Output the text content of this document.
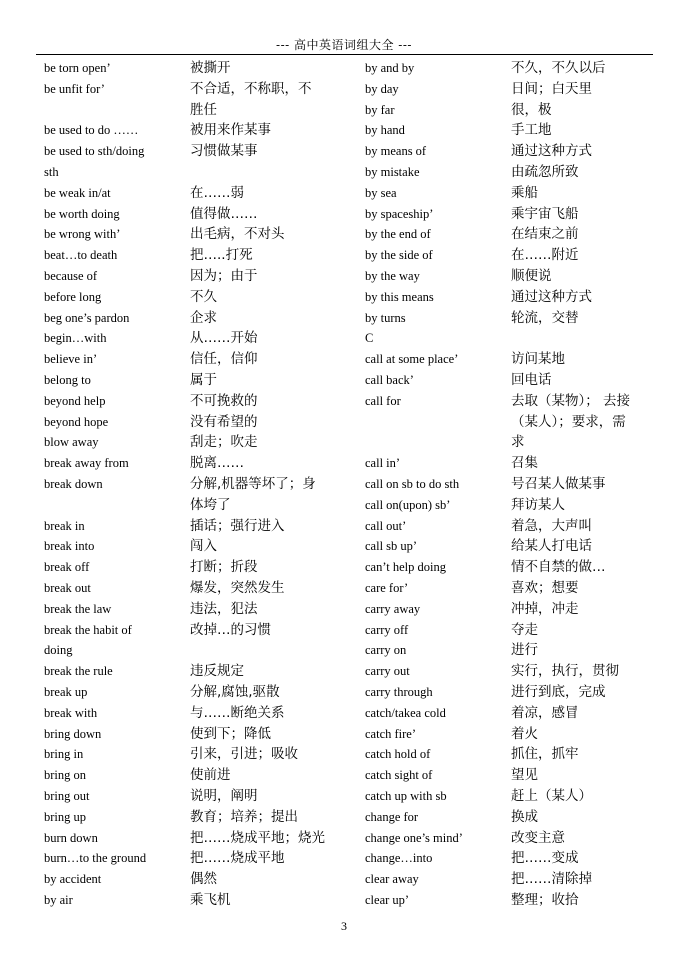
--- 高中英语词组大全 ---
be torn open’
be unfit for’
be used to do ……
be used to sth/doing
sth
be weak in/at
be worth doing
be wrong with’
beat…to death
because of
before long
beg one’s pardon
begin…with
believe in’
belong to
beyond help
beyond hope
blow away
break away from
break down
break in
break into
break off
break out
break the law
break the habit of
doing
break the rule
break up
break with
bring down
bring in
bring on
bring out
bring up
burn down
burn…to the ground
by accident
by air
被撕开
不合适，不称职，不
胜任
被用来作某事
习惯做某事
在……弱
值得做……
出毛病，不对头
把…..打死
因为；由于
不久
企求
从……开始
信任，信仰
属于
不可挽救的
没有希望的
刮走；吹走
脱离……
分解,机器等坏了；身
体垮了
插话；强行进入
闯入
打断；折段
爆发，突然发生
违法，犯法
改掉…的习惯
违反规定
分解,腐蚀,驱散
与……断绝关系
使到下；降低
引来，引进；吸收
使前进
说明，阐明
教育；培养；提出
把……烧成平地；烧光
把……烧成平地
偶然
乘飞机
by and by
by day
by far
by hand
by means of
by mistake
by sea
by spaceship’
by the end of
by the side of
by the way
by this means
by turns
C
call at some place’
call back’
call for
call in’
call on sb to do sth
call on(upon) sb’
call out’
call sb up’
can’t help doing
care for’
carry away
carry off
carry on
carry out
carry through
catch/takea cold
catch fire’
catch hold of
catch sight of
catch up with sb
change for
change one’s mind’
change…into
clear away
clear up’
不久，不久以后
日间；白天里
很，极
手工地
通过这种方式
由疏忽所致
乘船
乘宇宙飞船
在结束之前
在……附近
顺便说
通过这种方式
轮流，交替
访问某地
回电话
去取（某物）； 去接
（某人）；要求，需
求
召集
号召某人做某事
拜访某人
着急，大声叫
给某人打电话
情不自禁的做…
喜欢；想要
冲掉，冲走
夺走
进行
实行，执行，贯彻
进行到底，完成
着凉，感冒
着火
抓住，抓牢
望见
赶上（某人）
换成
改变主意
把……变成
把……清除掉
整理；收拾
3
